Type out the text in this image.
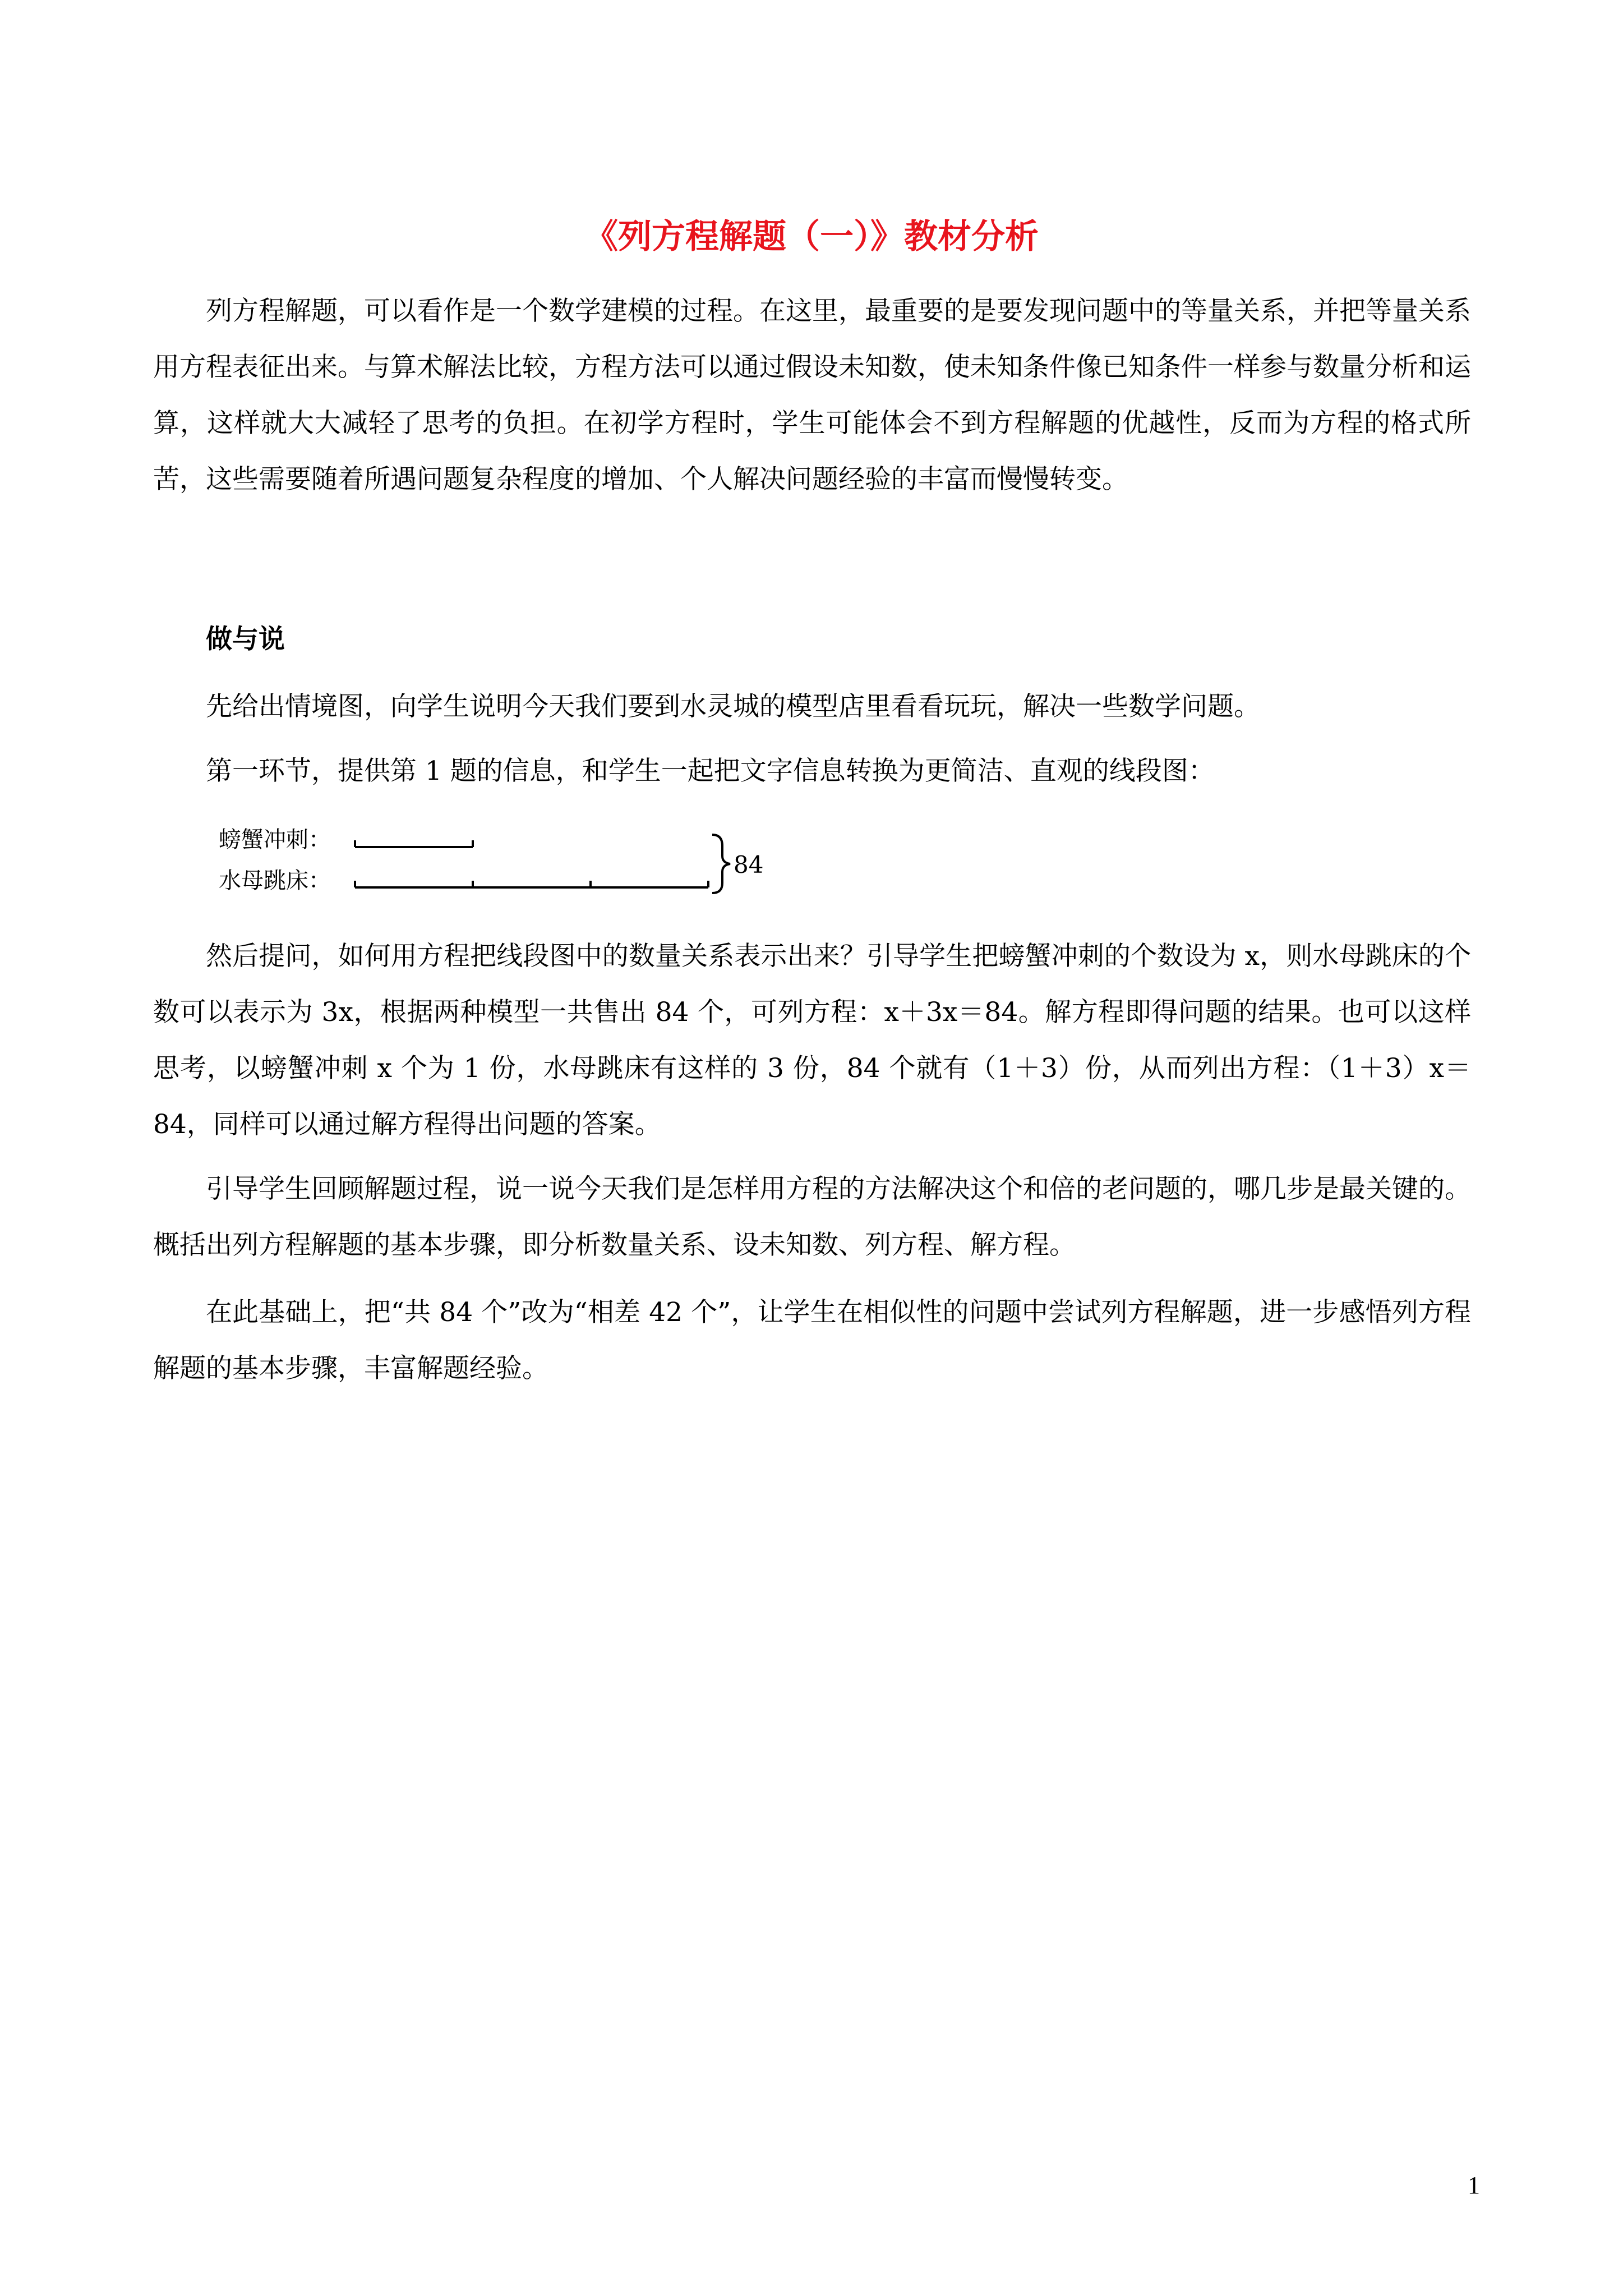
《列方程解题（一）》教材分析

列方程解题，可以看作是一个数学建模的过程。在这里，最重要的是要发现问题中的等量关系，并把等量关系用方程表征出来。与算术解法比较，方程方法可以通过假设未知数，使未知条件像已知条件一样参与数量分析和运算，这样就大大减轻了思考的负担。在初学方程时，学生可能体会不到方程解题的优越性，反而为方程的格式所苦，这些需要随着所遇问题复杂程度的增加、个人解决问题经验的丰富而慢慢转变。

做与说

先给出情境图，向学生说明今天我们要到水灵城的模型店里看看玩玩，解决一些数学问题。

第一环节，提供第 1 题的信息，和学生一起把文字信息转换为更简洁、直观的线段图：

螃蟹冲刺：
水母跳床：
84

然后提问，如何用方程把线段图中的数量关系表示出来？引导学生把螃蟹冲刺的个数设为 x，则水母跳床的个数可以表示为 3x，根据两种模型一共售出 84 个，可列方程：x＋3x＝84。解方程即得问题的结果。也可以这样思考，以螃蟹冲刺 x 个为 1 份，水母跳床有这样的 3 份，84 个就有（1＋3）份，从而列出方程：（1＋3）x＝84，同样可以通过解方程得出问题的答案。

引导学生回顾解题过程，说一说今天我们是怎样用方程的方法解决这个和倍的老问题的，哪几步是最关键的。概括出列方程解题的基本步骤，即分析数量关系、设未知数、列方程、解方程。

在此基础上，把“共 84 个”改为“相差 42 个”，让学生在相似性的问题中尝试列方程解题，进一步感悟列方程解题的基本步骤，丰富解题经验。

1
